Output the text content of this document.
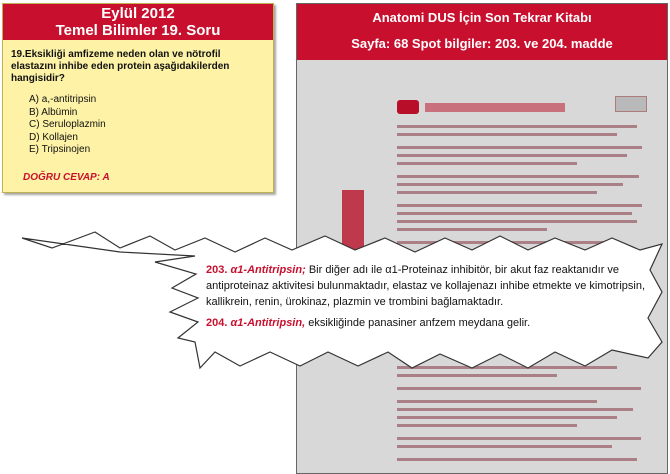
Eylül 2012
Temel Bilimler 19. Soru
19.Eksikliği amfizeme neden olan ve nötrofil elastazını inhibe eden protein aşağıdakilerden hangisidir?
A) a,-antitripsin
B) Albümin
C) Seruloplazmin
D) Kollajen
E) Tripsinojen
DOĞRU CEVAP: A
Anatomi DUS İçin Son Tekrar Kitabı
Sayfa: 68 Spot bilgiler: 203. ve 204. madde

203. α1-Antitripsin; Bir diğer adı ile α1-Proteinaz inhibitör, bir akut faz reaktanıdır ve antiproteinaz aktivitesi bulunmaktadır, elastaz ve kollajenazı inhibe etmekte ve kimotripsin, kallikrein, renin, ürokinaz, plazmin ve trombini bağlamaktadır.

204. α1-Antitripsin, eksikliğinde panasiner anfzem meydana gelir.
